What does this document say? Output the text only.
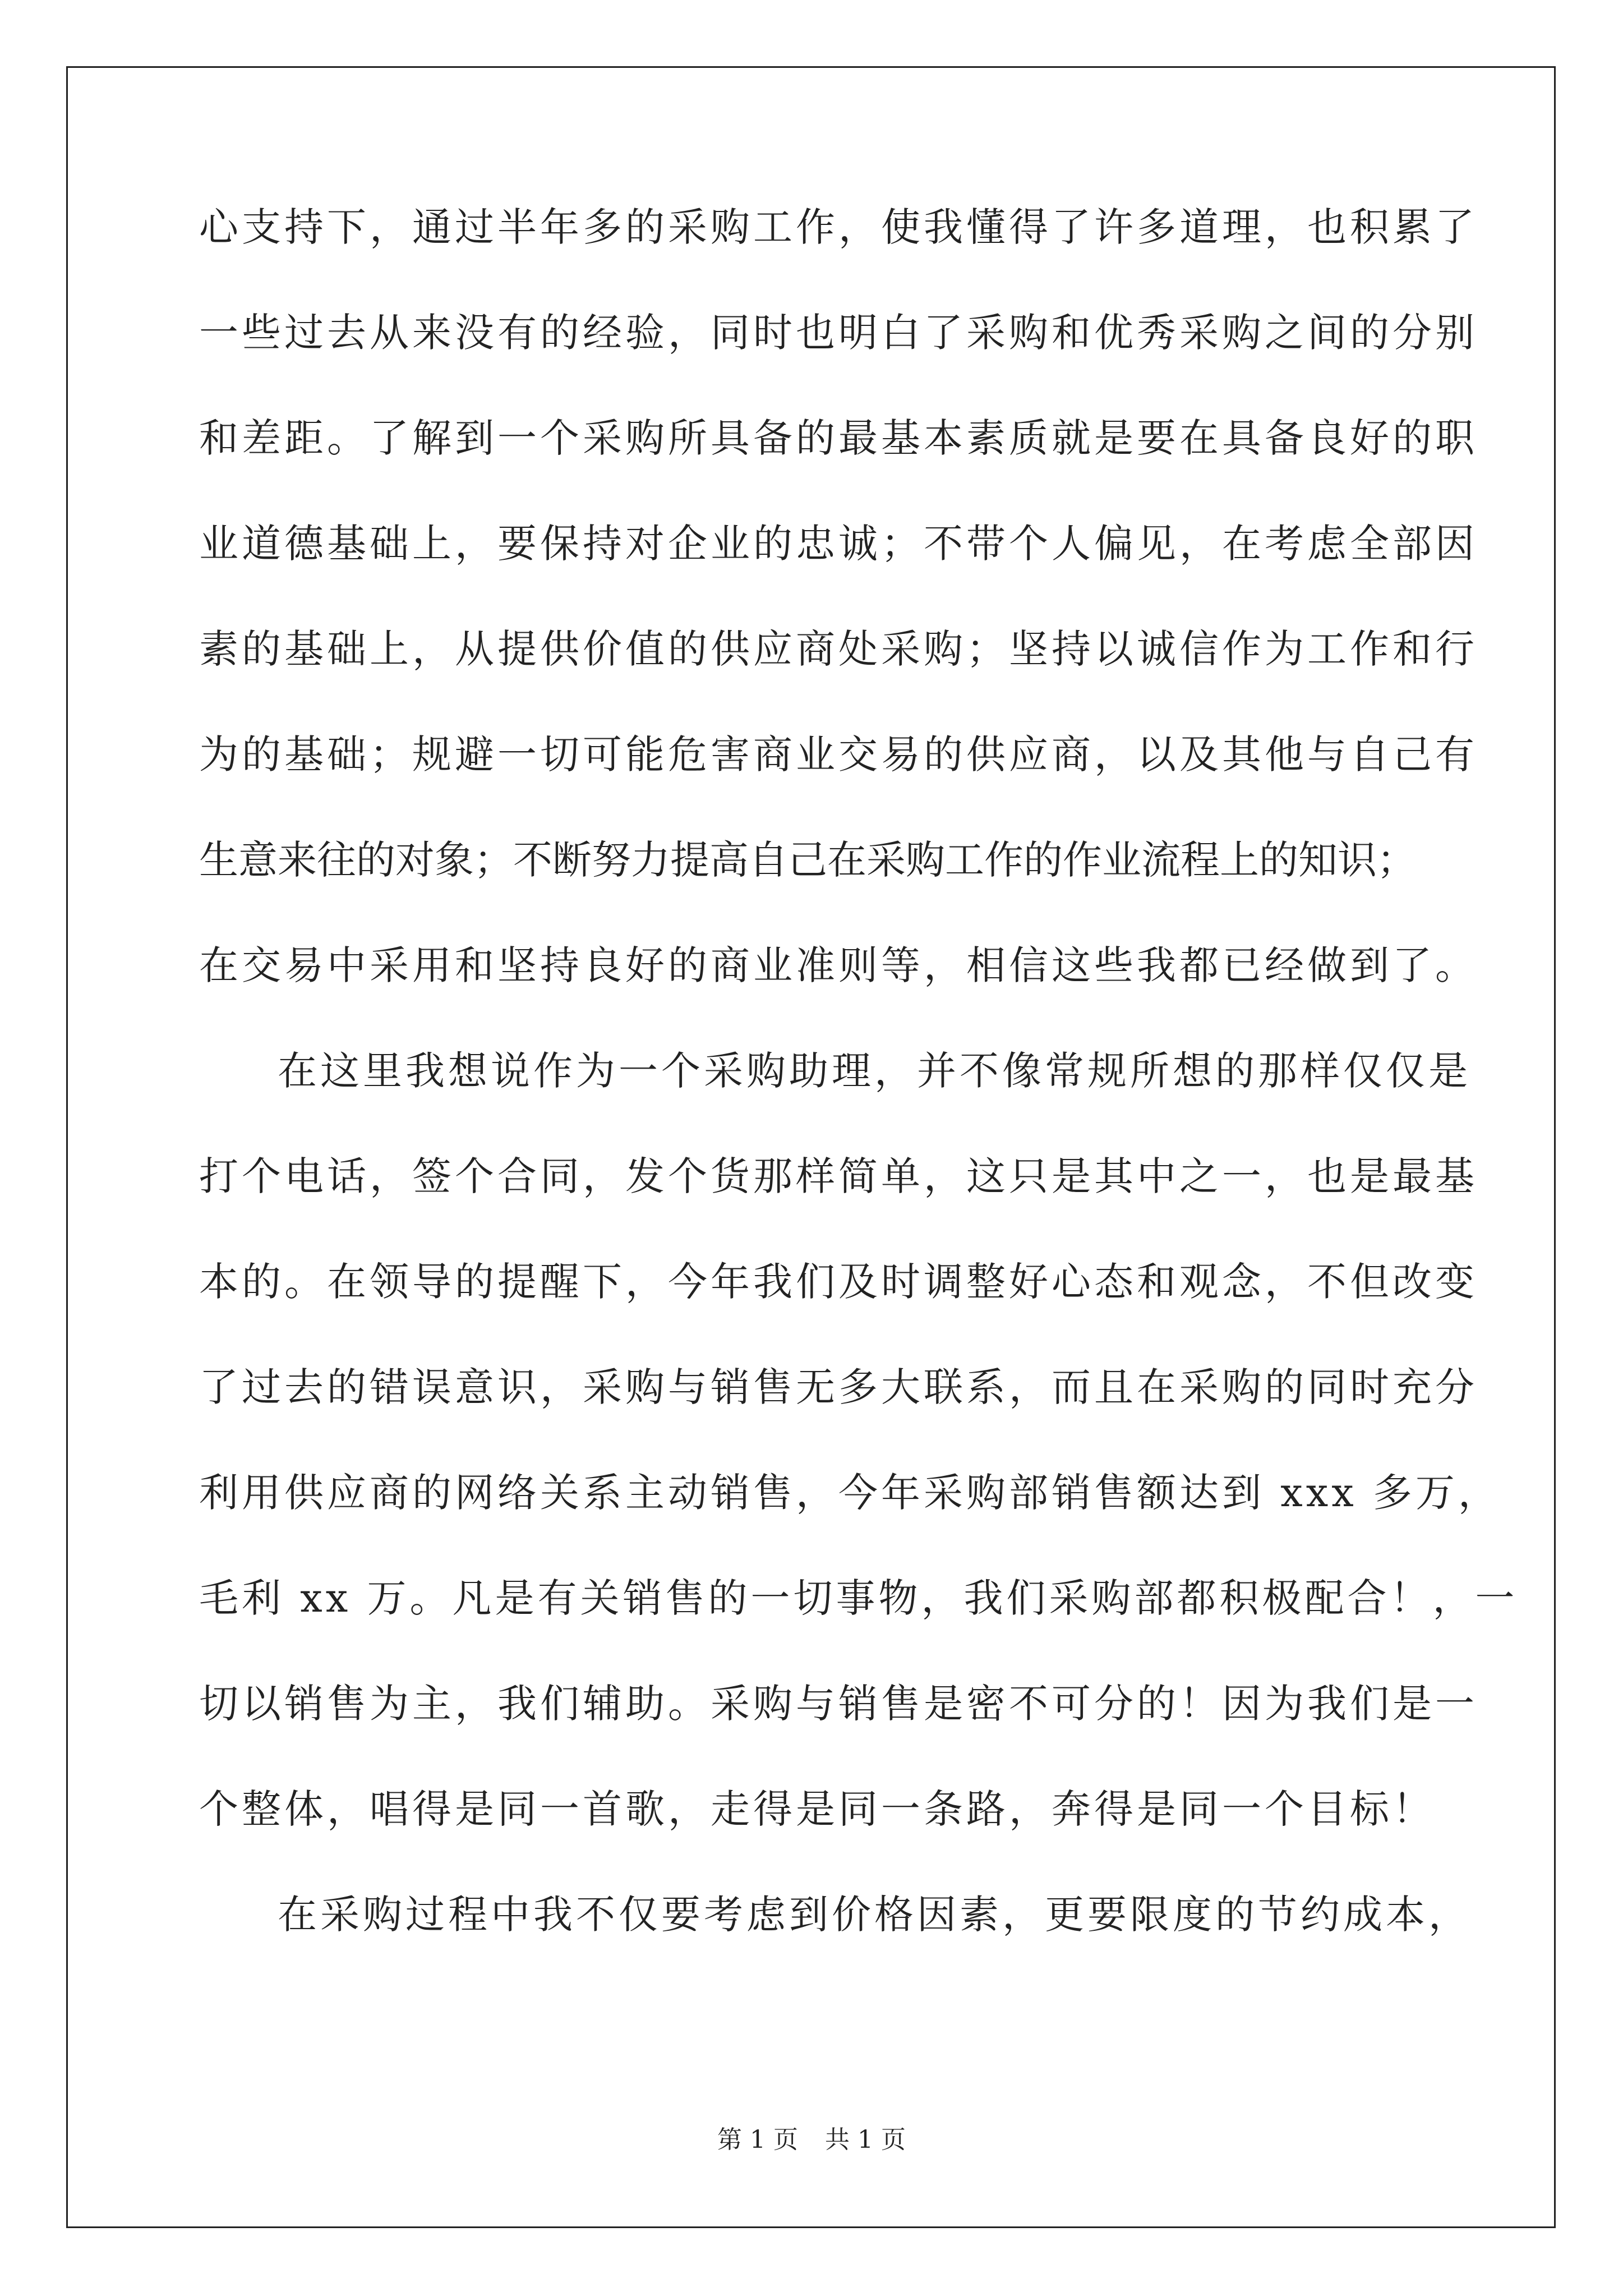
心支持下，通过半年多的采购工作，使我懂得了许多道理，也积累了
一些过去从来没有的经验，同时也明白了采购和优秀采购之间的分别
和差距。了解到一个采购所具备的最基本素质就是要在具备良好的职
业道德基础上，要保持对企业的忠诚；不带个人偏见，在考虑全部因
素的基础上，从提供价值的供应商处采购；坚持以诚信作为工作和行
为的基础；规避一切可能危害商业交易的供应商，以及其他与自己有
生意来往的对象；不断努力提高自己在采购工作的作业流程上的知识；
在交易中采用和坚持良好的商业准则等，相信这些我都已经做到了。
在这里我想说作为一个采购助理，并不像常规所想的那样仅仅是
打个电话，签个合同，发个货那样简单，这只是其中之一，也是最基
本的。在领导的提醒下，今年我们及时调整好心态和观念，不但改变
了过去的错误意识，采购与销售无多大联系，而且在采购的同时充分
利用供应商的网络关系主动销售，今年采购部销售额达到 xxx 多万，
毛利 xx 万。凡是有关销售的一切事物，我们采购部都积极配合！，一
切以销售为主，我们辅助。采购与销售是密不可分的！因为我们是一
个整体，唱得是同一首歌，走得是同一条路，奔得是同一个目标！
在采购过程中我不仅要考虑到价格因素，更要限度的节约成本，
第 1 页 共 1 页
